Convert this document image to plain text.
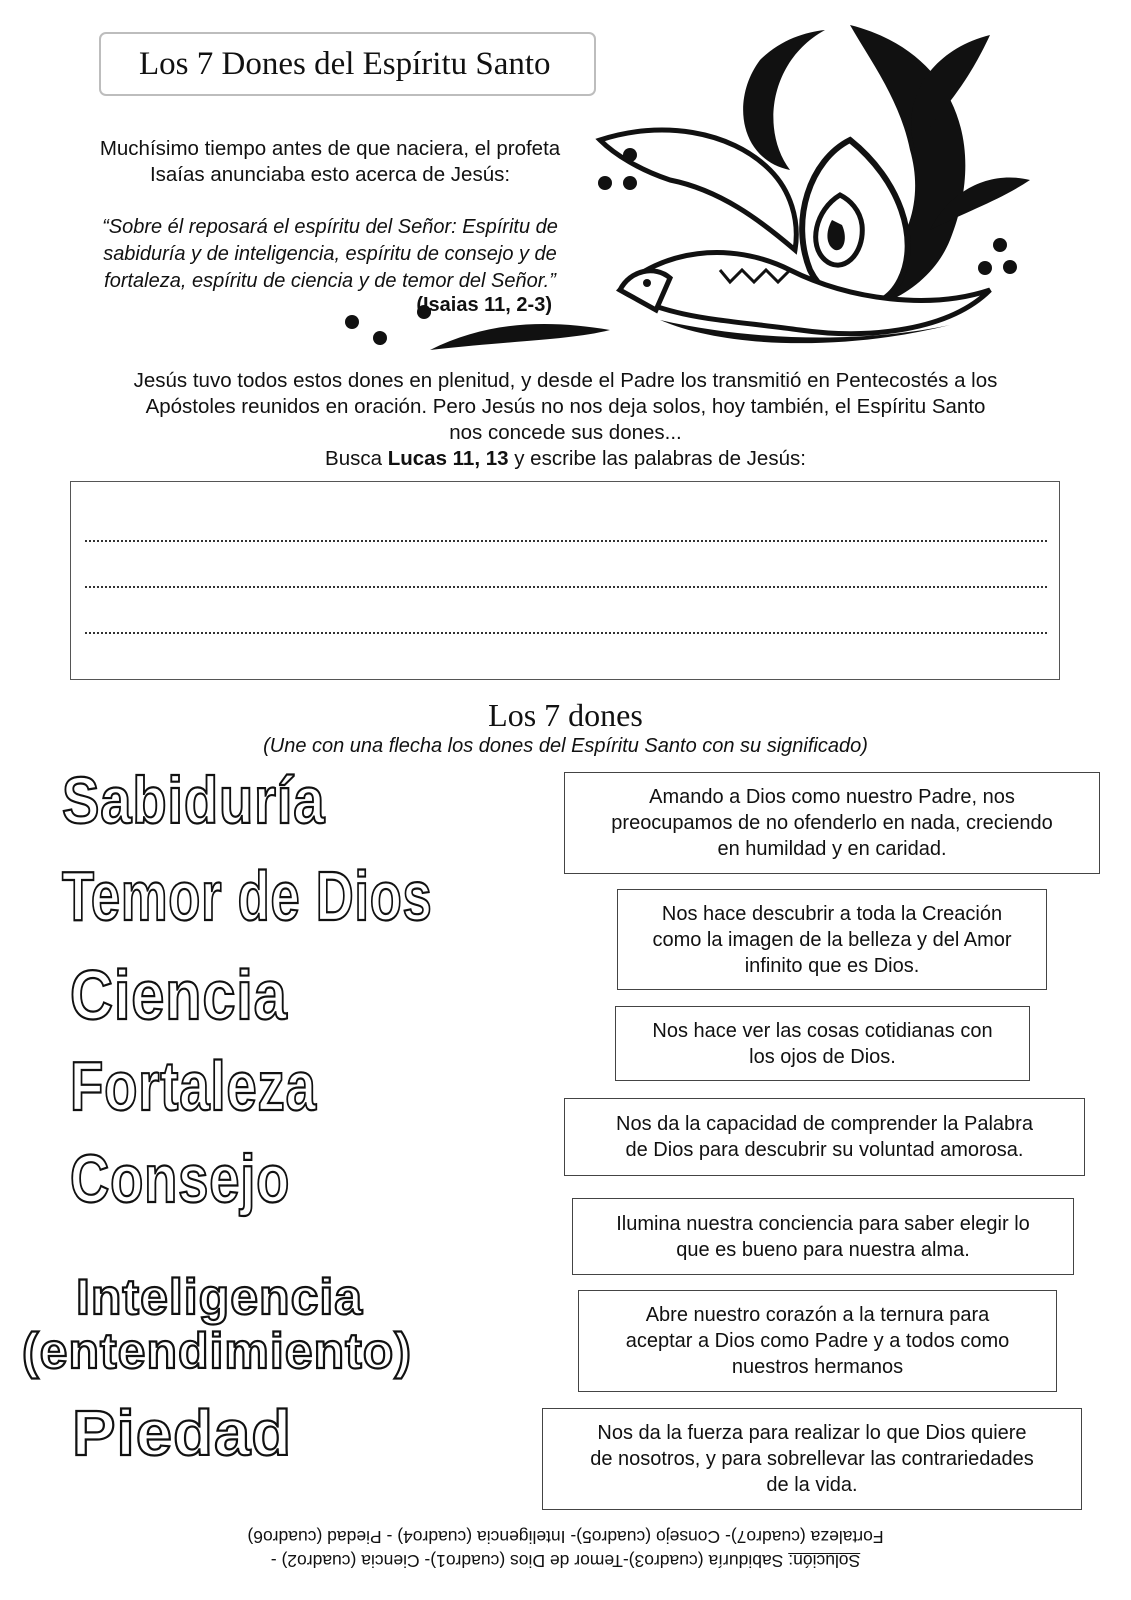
Los 7 Dones del Espíritu Santo
Muchísimo tiempo antes de que naciera, el profeta
Isaías anunciaba esto acerca de Jesús:
“Sobre él reposará el espíritu del Señor: Espíritu de
sabiduría y de inteligencia, espíritu de consejo y de
fortaleza, espíritu de ciencia y de temor del Señor.”
(Isaias 11, 2-3)
Jesús tuvo todos estos dones en plenitud, y desde el Padre los transmitió en Pentecostés a los
Apóstoles reunidos en oración. Pero Jesús no nos deja solos, hoy también, el Espíritu Santo
nos concede sus dones...
Busca Lucas 11, 13 y escribe las palabras de Jesús:
Los 7 dones
(Une con una flecha los dones del Espíritu Santo con su significado)
Sabiduría
Temor de Dios
Ciencia
Fortaleza
Consejo
Inteligencia
(entendimiento)
Piedad
Amando a Dios como nuestro Padre, nos
preocupamos de no ofenderlo en nada, creciendo
en humildad y en caridad.
Nos hace descubrir a toda la Creación
como la imagen de la belleza y del Amor
infinito que es Dios.
Nos hace ver las cosas cotidianas con
los ojos de Dios.
Nos da la capacidad de comprender la Palabra
de Dios para descubrir su voluntad amorosa.
Ilumina nuestra conciencia para saber elegir lo
que es bueno para nuestra alma.
Abre nuestro corazón a la ternura para
aceptar a Dios como Padre y a todos como
nuestros hermanos
Nos da la fuerza para realizar lo que Dios quiere
de nosotros, y para sobrellevar las contrariedades
de la vida.
Solución: Sabiduría (cuadro3)-Temor de Dios (cuadro1)- Ciencia (cuadro2) -
Fortaleza (cuadro7)- Consejo (cuadro5)- Inteligencia (cuadro4) - Piedad (cuadro6)
